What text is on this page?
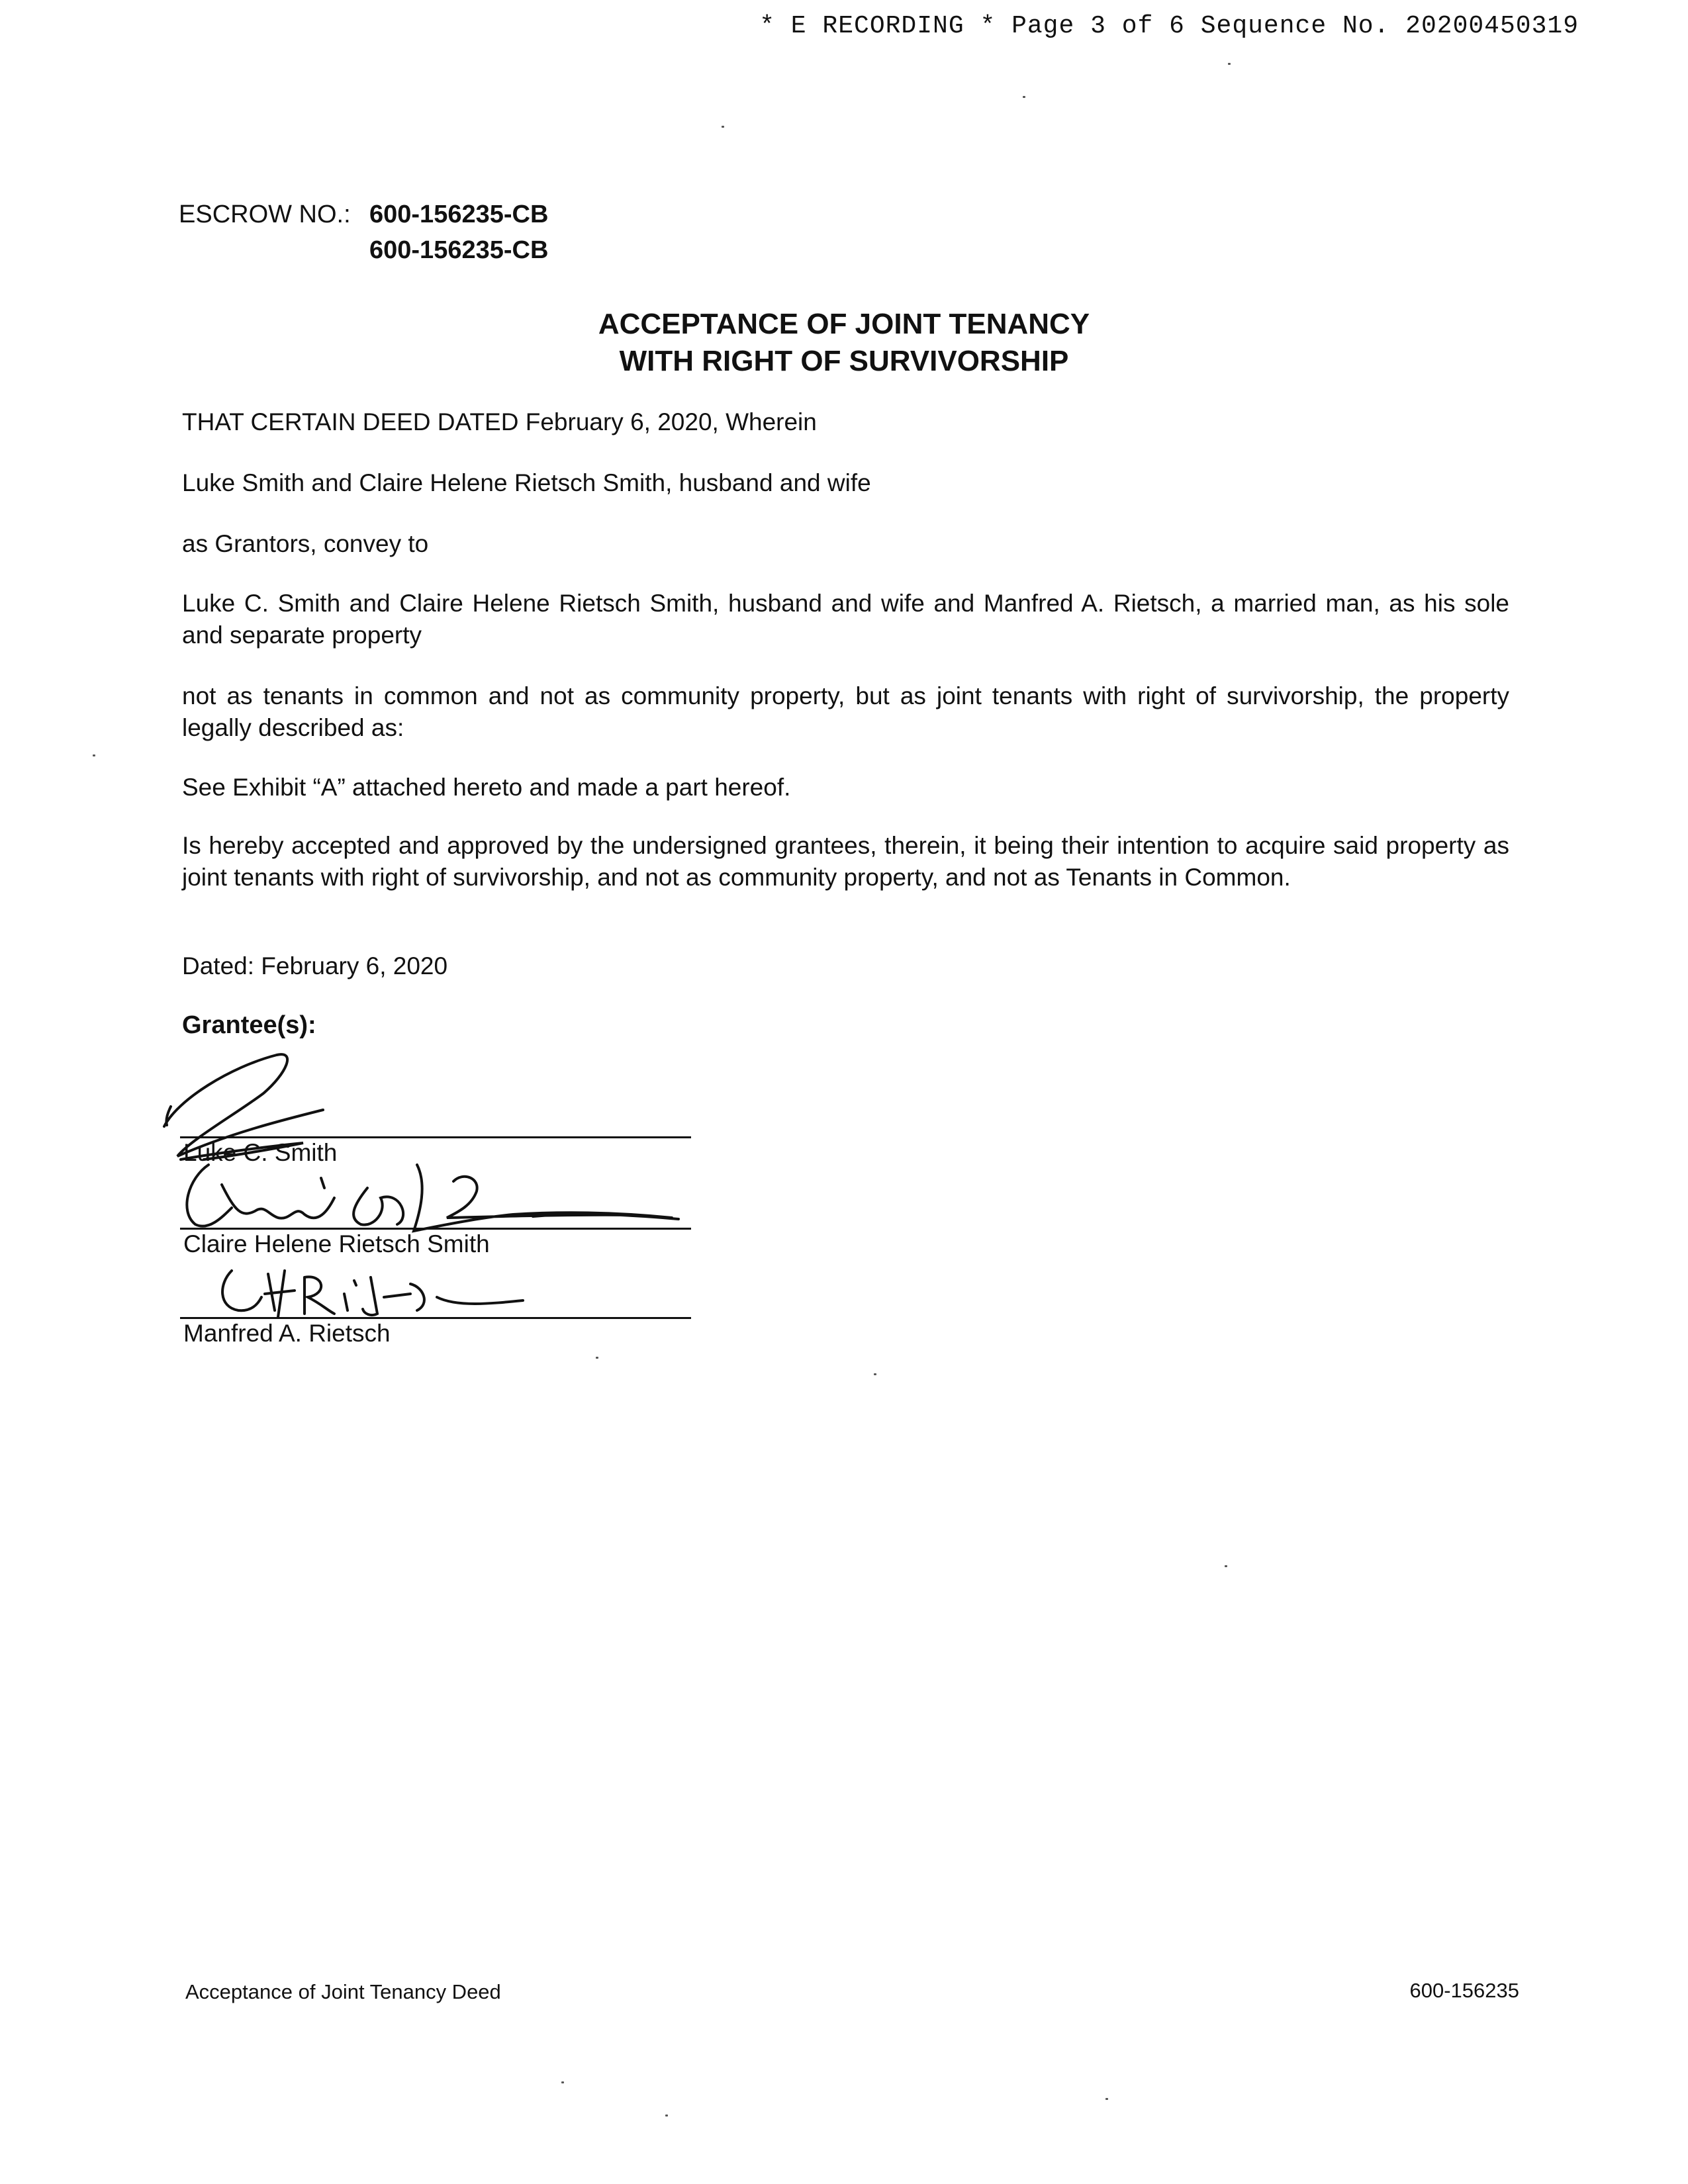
* E RECORDING * Page 3 of 6 Sequence No. 20200450319
ESCROW NO.: 600-156235-CB
600-156235-CB
ACCEPTANCE OF JOINT TENANCY
WITH RIGHT OF SURVIVORSHIP
THAT CERTAIN DEED DATED February 6, 2020, Wherein
Luke Smith and Claire Helene Rietsch Smith, husband and wife
as Grantors, convey to
Luke C. Smith and Claire Helene Rietsch Smith, husband and wife and Manfred A. Rietsch, a married man, as his sole and separate property
not as tenants in common and not as community property, but as joint tenants with right of survivorship, the property legally described as:
See Exhibit “A” attached hereto and made a part hereof.
Is hereby accepted and approved by the undersigned grantees, therein, it being their intention to acquire said property as joint tenants with right of survivorship, and not as community property, and not as Tenants in Common.
Dated: February 6, 2020
Grantee(s):
Luke C. Smith
Claire Helene Rietsch Smith
Manfred A. Rietsch
Acceptance of Joint Tenancy Deed	600-156235
